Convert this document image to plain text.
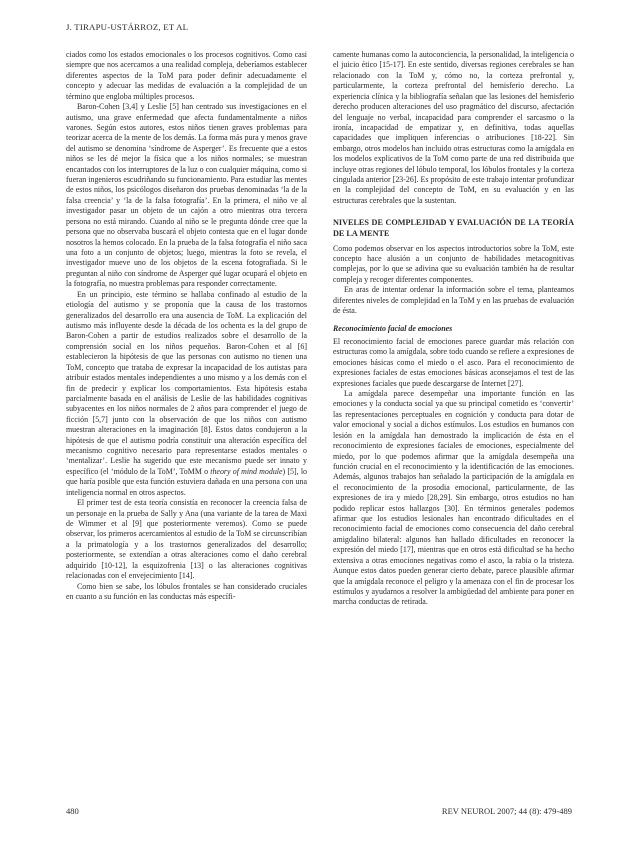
J. TIRAPU-USTÁRROZ, ET AL

ciados como los estados emocionales o los procesos cognitivos. Como casi siempre que nos acercamos a una realidad compleja, deberíamos establecer diferentes aspectos de la ToM para poder definir adecuadamente el concepto y adecuar las medidas de evaluación a la complejidad de un término que engloba múltiples procesos.

Baron-Cohen [3,4] y Leslie [5] han centrado sus investigaciones en el autismo, una grave enfermedad que afecta fundamentalmente a niños varones. Según estos autores, estos niños tienen graves problemas para teorizar acerca de la mente de los demás. La forma más pura y menos grave del autismo se denomina ‘síndrome de Asperger’. Es frecuente que a estos niños se les dé mejor la física que a los niños normales; se muestran encantados con los interruptores de la luz o con cualquier máquina, como si fueran ingenieros escudriñando su funcionamiento. Para estudiar las mentes de estos niños, los psicólogos diseñaron dos pruebas denominadas ‘la de la falsa creencia’ y ‘la de la falsa fotografía’. En la primera, el niño ve al investigador pasar un objeto de un cajón a otro mientras otra tercera persona no está mirando. Cuando al niño se le pregunta dónde cree que la persona que no observaba buscará el objeto contesta que en el lugar donde nosotros la hemos colocado. En la prueba de la falsa fotografía el niño saca una foto a un conjunto de objetos; luego, mientras la foto se revela, el investigador mueve uno de los objetos de la escena fotografiada. Si le preguntan al niño con síndrome de Asperger qué lugar ocupará el objeto en la fotografía, no muestra problemas para responder correctamente.

En un principio, este término se hallaba confinado al estudio de la etiología del autismo y se proponía que la causa de los trastornos generalizados del desarrollo era una ausencia de ToM. La explicación del autismo más influyente desde la década de los ochenta es la del grupo de Baron-Cohen a partir de estudios realizados sobre el desarrollo de la comprensión social en los niños pequeños. Baron-Cohen et al [6] establecieron la hipótesis de que las personas con autismo no tienen una ToM, concepto que trataba de expresar la incapacidad de los autistas para atribuir estados mentales independientes a uno mismo y a los demás con el fin de predecir y explicar los comportamientos. Esta hipótesis estaba parcialmente basada en el análisis de Leslie de las habilidades cognitivas subyacentes en los niños normales de 2 años para comprender el juego de ficción [5,7] junto con la observación de que los niños con autismo muestran alteraciones en la imaginación [8]. Estos datos condujeron a la hipótesis de que el autismo podría constituir una alteración específica del mecanismo cognitivo necesario para representarse estados mentales o ‘mentalizar’. Leslie ha sugerido que este mecanismo puede ser innato y específico (el ‘módulo de la ToM’, ToMM o theory of mind module) [5], lo que haría posible que esta función estuviera dañada en una persona con una inteligencia normal en otros aspectos.

El primer test de esta teoría consistía en reconocer la creencia falsa de un personaje en la prueba de Sally y Ana (una variante de la tarea de Maxi de Wimmer et al [9] que posteriormente veremos). Como se puede observar, los primeros acercamientos al estudio de la ToM se circunscribían a la primatología y a los trastornos generalizados del desarrollo; posteriormente, se extendían a otras alteraciones como el daño cerebral adquirido [10-12], la esquizofrenia [13] o las alteraciones cognitivas relacionadas con el envejecimiento [14].

Como bien se sabe, los lóbulos frontales se han considerado cruciales en cuanto a su función en las conductas más específi-

camente humanas como la autoconciencia, la personalidad, la inteligencia o el juicio ético [15-17]. En este sentido, diversas regiones cerebrales se han relacionado con la ToM y, cómo no, la corteza prefrontal y, particularmente, la corteza prefrontal del hemisferio derecho. La experiencia clínica y la bibliografía señalan que las lesiones del hemisferio derecho producen alteraciones del uso pragmático del discurso, afectación del lenguaje no verbal, incapacidad para comprender el sarcasmo o la ironía, incapacidad de empatizar y, en definitiva, todas aquellas capacidades que impliquen inferencias o atribuciones [18-22]. Sin embargo, otros modelos han incluido otras estructuras como la amígdala en los modelos explicativos de la ToM como parte de una red distribuida que incluye otras regiones del lóbulo temporal, los lóbulos frontales y la corteza cingulada anterior [23-26]. Es propósito de este trabajo intentar profundizar en la complejidad del concepto de ToM, en su evaluación y en las estructuras cerebrales que la sustentan.

NIVELES DE COMPLEJIDAD Y EVALUACIÓN DE LA TEORÍA DE LA MENTE

Como podemos observar en los aspectos introductorios sobre la ToM, este concepto hace alusión a un conjunto de habilidades metacognitivas complejas, por lo que se adivina que su evaluación también ha de resultar compleja y recoger diferentes componentes.

En aras de intentar ordenar la información sobre el tema, planteamos diferentes niveles de complejidad en la ToM y en las pruebas de evaluación de ésta.

Reconocimiento facial de emociones

El reconocimiento facial de emociones parece guardar más relación con estructuras como la amígdala, sobre todo cuando se refiere a expresiones de emociones básicas como el miedo o el asco. Para el reconocimiento de expresiones faciales de estas emociones básicas aconsejamos el test de las expresiones faciales que puede descargarse de Internet [27].

La amígdala parece desempeñar una importante función en las emociones y la conducta social ya que su principal cometido es ‘convertir’ las representaciones perceptuales en cognición y conducta para dotar de valor emocional y social a dichos estímulos. Los estudios en humanos con lesión en la amígdala han demostrado la implicación de ésta en el reconocimiento de expresiones faciales de emociones, especialmente del miedo, por lo que podemos afirmar que la amígdala desempeña una función crucial en el reconocimiento y la identificación de las emociones. Además, algunos trabajos han señalado la participación de la amígdala en el reconocimiento de la prosodia emocional, particularmente, de las expresiones de ira y miedo [28,29]. Sin embargo, otros estudios no han podido replicar estos hallazgos [30]. En términos generales podemos afirmar que los estudios lesionales han encontrado dificultades en el reconocimiento facial de emociones como consecuencia del daño cerebral amigdalino bilateral: algunos han hallado dificultades en reconocer la expresión del miedo [17], mientras que en otros está dificultad se ha hecho extensiva a otras emociones negativas como el asco, la rabia o la tristeza. Aunque estos datos pueden generar cierto debate, parece plausible afirmar que la amígdala reconoce el peligro y la amenaza con el fin de procesar los estímulos y ayudarnos a resolver la ambigüedad del ambiente para poner en marcha conductas de retirada.

480	REV NEUROL 2007; 44 (8): 479-489
